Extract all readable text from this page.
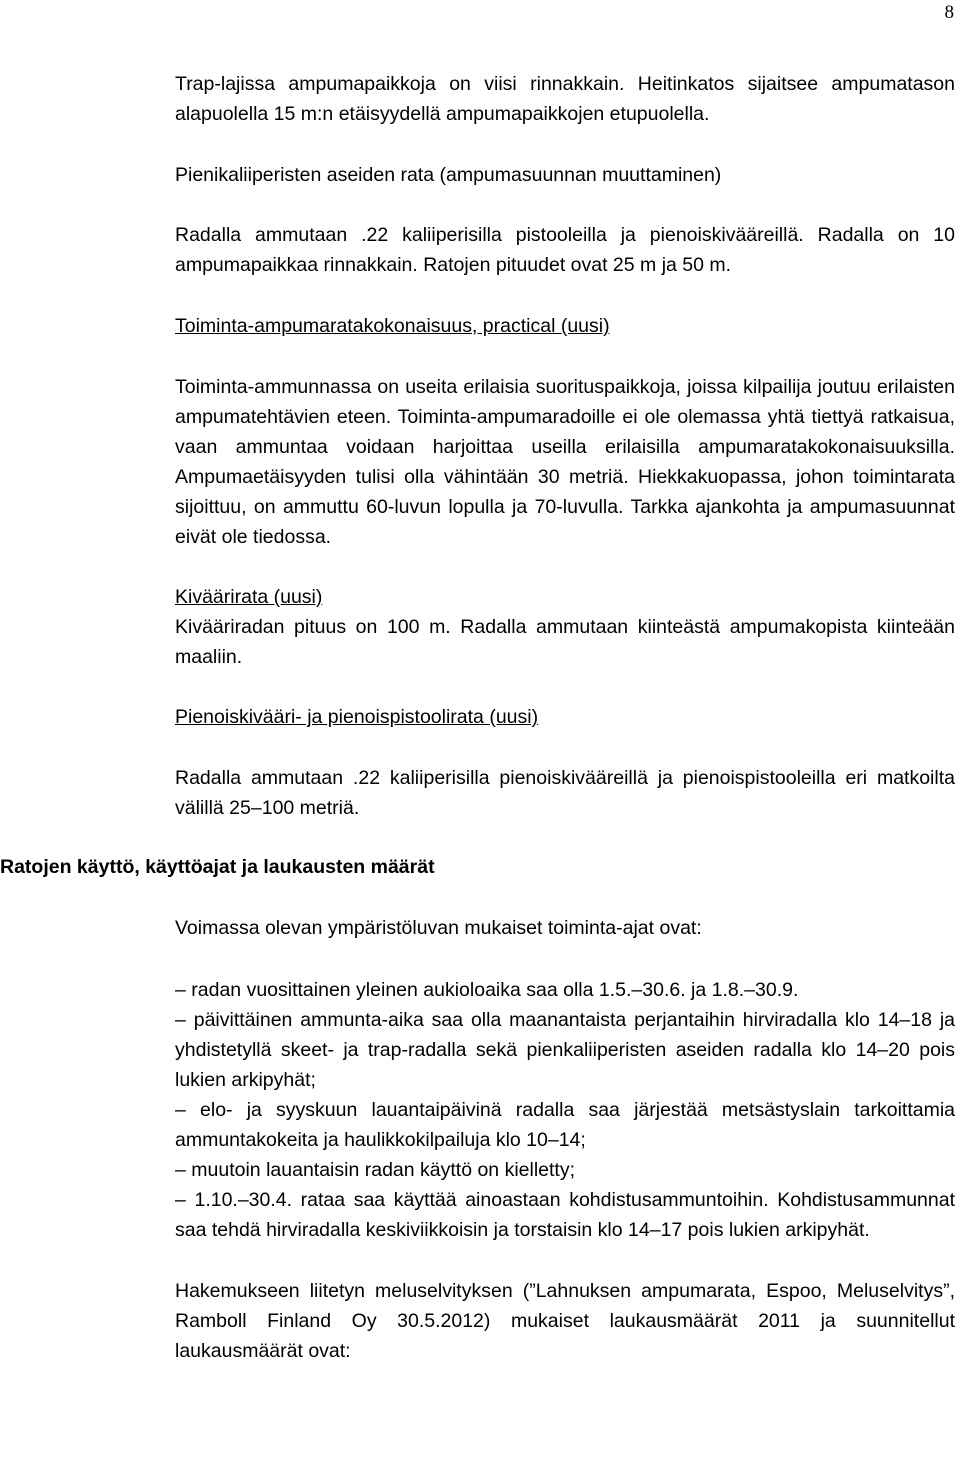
8

Trap-lajissa ampumapaikkoja on viisi rinnakkain. Heitinkatos sijaitsee ampumatason alapuolella 15 m:n etäisyydellä ampumapaikkojen etupuolella.

Pienikaliiperisten aseiden rata (ampumasuunnan muuttaminen)

Radalla ammutaan .22 kaliiperisilla pistooleilla ja pienoiskivääreillä. Radalla on 10 ampumapaikkaa rinnakkain. Ratojen pituudet ovat 25 m ja 50 m.

Toiminta-ampumaratakokonaisuus, practical (uusi)

Toiminta-ammunnassa on useita erilaisia suorituspaikkoja, joissa kilpailija joutuu erilaisten ampumatehtävien eteen. Toiminta-ampumaradoille ei ole olemassa yhtä tiettyä ratkaisua, vaan ammuntaa voidaan harjoittaa useilla erilaisilla ampumaratakokonaisuuksilla. Ampumaetäisyyden tulisi olla vähintään 30 metriä. Hiekkakuopassa, johon toimintarata sijoittuu, on ammuttu 60-luvun lopulla ja 70-luvulla. Tarkka ajankohta ja ampumasuunnat eivät ole tiedossa.

Kiväärirata (uusi)

Kivääriradan pituus on 100 m. Radalla ammutaan kiinteästä ampumakopista kiinteään maaliin.

Pienoiskivääri- ja pienoispistoolirata (uusi)

Radalla ammutaan .22 kaliiperisilla pienoiskivääreillä ja pienoispistooleilla eri matkoilta välillä 25–100 metriä.

Ratojen käyttö, käyttöajat ja laukausten määrät

Voimassa olevan ympäristöluvan mukaiset toiminta-ajat ovat:

– radan vuosittainen yleinen aukioloaika saa olla 1.5.–30.6. ja 1.8.–30.9.

– päivittäinen ammunta-aika saa olla maanantaista perjantaihin hirviradalla klo 14–18 ja yhdistetyllä skeet- ja trap-radalla sekä pienkaliiperisten aseiden radalla klo 14–20 pois lukien arkipyhät;

– elo- ja syyskuun lauantaipäivinä radalla saa järjestää metsästyslain tarkoittamia ammuntakokeita ja haulikkokilpailuja klo 10–14;

– muutoin lauantaisin radan käyttö on kielletty;

– 1.10.–30.4. rataa saa käyttää ainoastaan kohdistusammuntoihin. Kohdistusammunnat saa tehdä hirviradalla keskiviikkoisin ja torstaisin klo 14–17 pois lukien arkipyhät.

Hakemukseen liitetyn meluselvityksen (”Lahnuksen ampumarata, Espoo, Meluselvitys”, Ramboll Finland Oy 30.5.2012) mukaiset laukausmäärät 2011 ja suunnitellut laukausmäärät ovat:
